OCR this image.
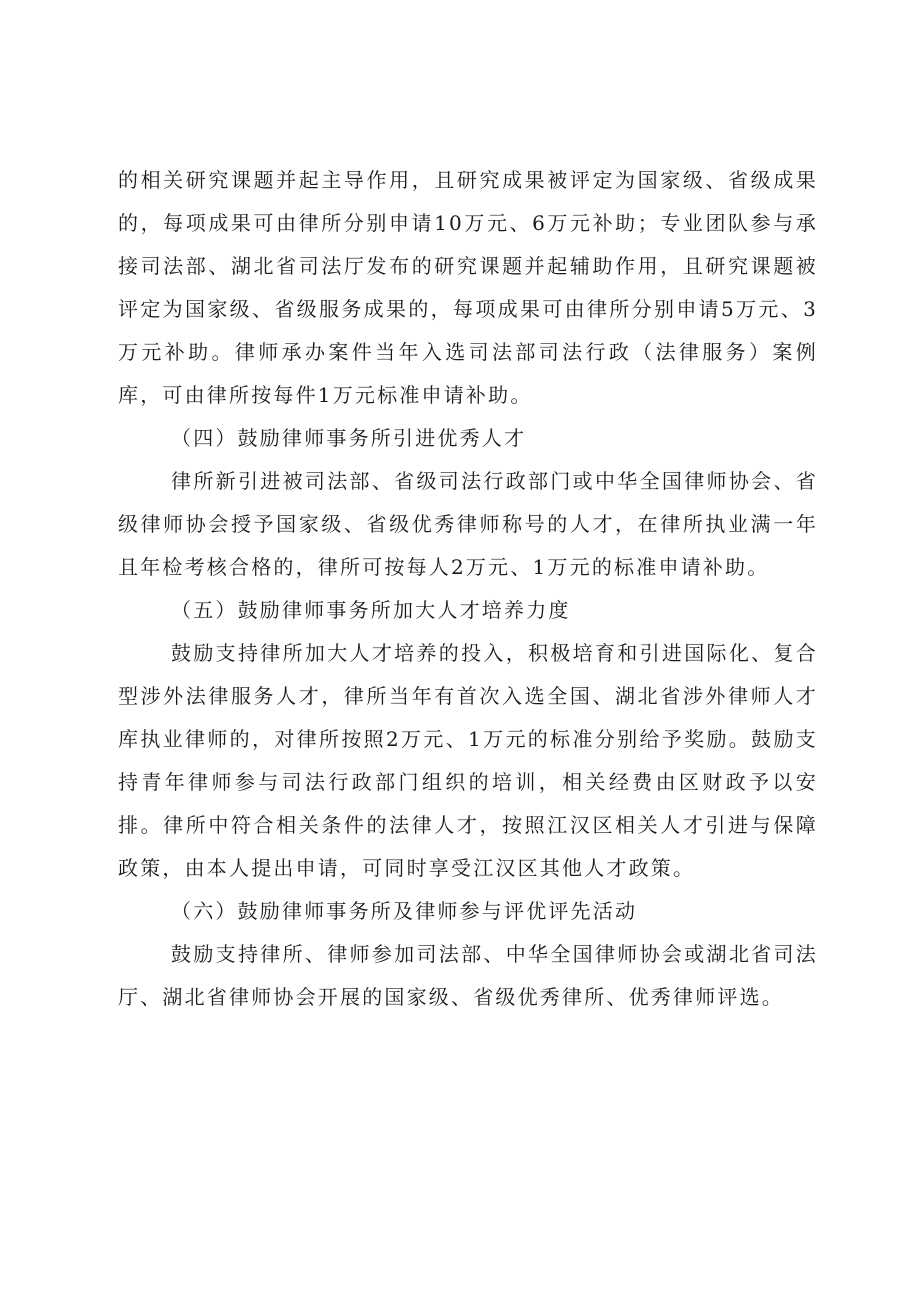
的相关研究课题并起主导作用，且研究成果被评定为国家级、省级成果的，每项成果可由律所分别申请10万元、6万元补助；专业团队参与承接司法部、湖北省司法厅发布的研究课题并起辅助作用，且研究课题被评定为国家级、省级服务成果的，每项成果可由律所分别申请5万元、3万元补助。律师承办案件当年入选司法部司法行政（法律服务）案例库，可由律所按每件1万元标准申请补助。

（四）鼓励律师事务所引进优秀人才

律所新引进被司法部、省级司法行政部门或中华全国律师协会、省级律师协会授予国家级、省级优秀律师称号的人才，在律所执业满一年且年检考核合格的，律所可按每人2万元、1万元的标准申请补助。

（五）鼓励律师事务所加大人才培养力度

鼓励支持律所加大人才培养的投入，积极培育和引进国际化、复合型涉外法律服务人才，律所当年有首次入选全国、湖北省涉外律师人才库执业律师的，对律所按照2万元、1万元的标准分别给予奖励。鼓励支持青年律师参与司法行政部门组织的培训，相关经费由区财政予以安排。律所中符合相关条件的法律人才，按照江汉区相关人才引进与保障政策，由本人提出申请，可同时享受江汉区其他人才政策。

（六）鼓励律师事务所及律师参与评优评先活动

鼓励支持律所、律师参加司法部、中华全国律师协会或湖北省司法厅、湖北省律师协会开展的国家级、省级优秀律所、优秀律师评选。
